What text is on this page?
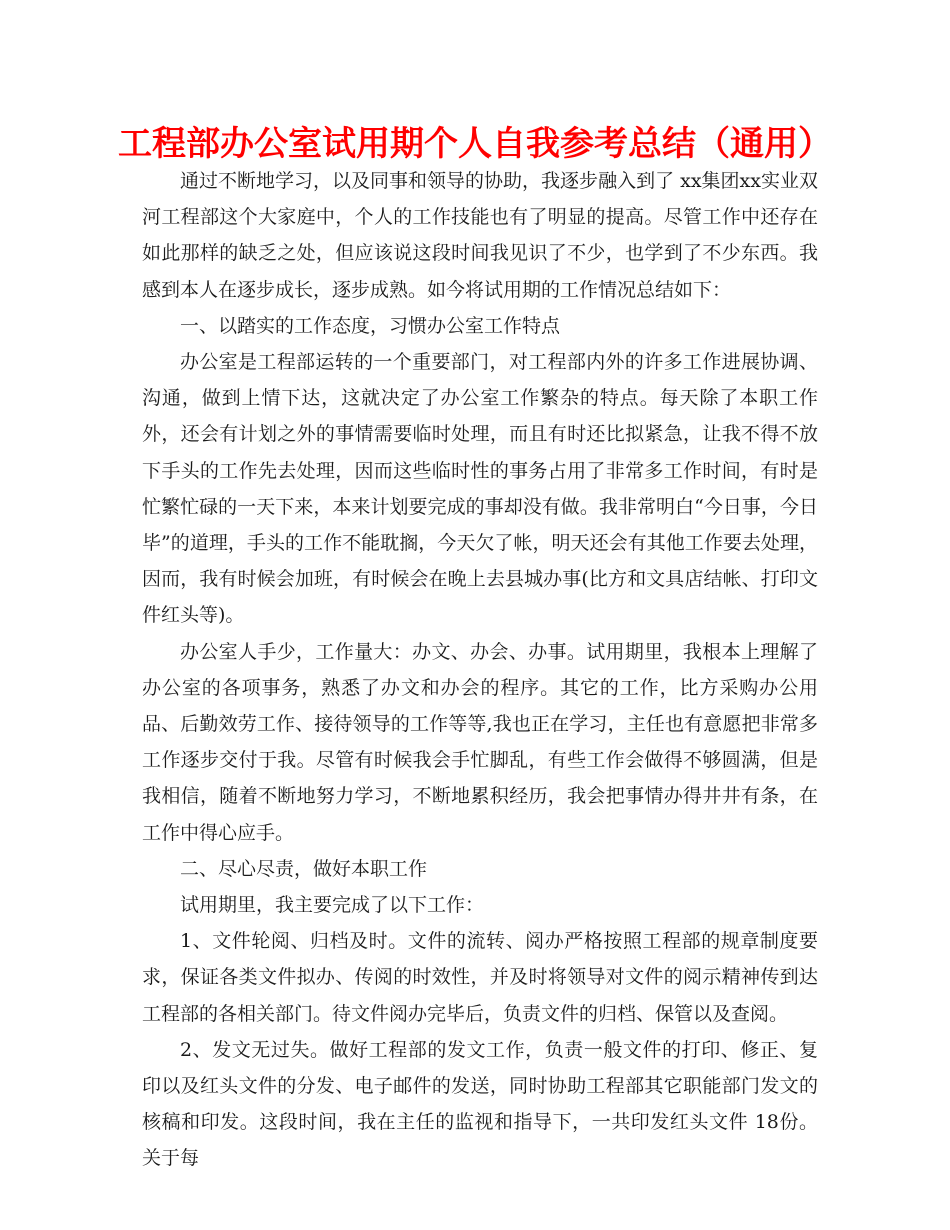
工程部办公室试用期个人自我参考总结（通用）

通过不断地学习，以及同事和领导的协助，我逐步融入到了 xx集团xx实业双河工程部这个大家庭中，个人的工作技能也有了明显的提高。尽管工作中还存在如此那样的缺乏之处，但应该说这段时间我见识了不少，也学到了不少东西。我感到本人在逐步成长，逐步成熟。如今将试用期的工作情况总结如下：

一、以踏实的工作态度，习惯办公室工作特点

办公室是工程部运转的一个重要部门，对工程部内外的许多工作进展协调、沟通，做到上情下达，这就决定了办公室工作繁杂的特点。每天除了本职工作外，还会有计划之外的事情需要临时处理，而且有时还比拟紧急，让我不得不放下手头的工作先去处理，因而这些临时性的事务占用了非常多工作时间，有时是忙繁忙碌的一天下来，本来计划要完成的事却没有做。我非常明白“今日事，今日毕”的道理，手头的工作不能耽搁，今天欠了帐，明天还会有其他工作要去处理，因而，我有时候会加班，有时候会在晚上去县城办事(比方和文具店结帐、打印文件红头等)。

办公室人手少，工作量大：办文、办会、办事。试用期里，我根本上理解了办公室的各项事务，熟悉了办文和办会的程序。其它的工作，比方采购办公用品、后勤效劳工作、接待领导的工作等等,我也正在学习，主任也有意愿把非常多工作逐步交付于我。尽管有时候我会手忙脚乱，有些工作会做得不够圆满，但是我相信，随着不断地努力学习，不断地累积经历，我会把事情办得井井有条，在工作中得心应手。

二、尽心尽责，做好本职工作

试用期里，我主要完成了以下工作：

1、文件轮阅、归档及时。文件的流转、阅办严格按照工程部的规章制度要求，保证各类文件拟办、传阅的时效性，并及时将领导对文件的阅示精神传到达工程部的各相关部门。待文件阅办完毕后，负责文件的归档、保管以及查阅。

2、发文无过失。做好工程部的发文工作，负责一般文件的打印、修正、复印以及红头文件的分发、电子邮件的发送，同时协助工程部其它职能部门发文的核稿和印发。这段时间，我在主任的监视和指导下，一共印发红头文件 18份。关于每
